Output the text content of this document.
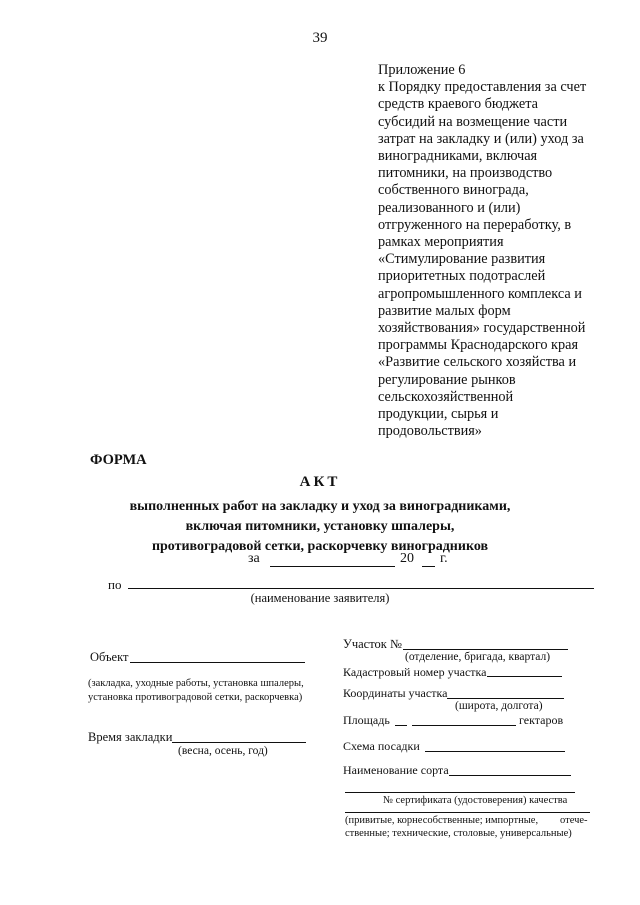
39
Приложение 6
к Порядку предоставления за счет
средств краевого бюджета
субсидий на возмещение части
затрат на закладку и (или) уход за
виноградниками, включая
питомники, на производство
собственного винограда,
реализованного и (или)
отгруженного на переработку, в
рамках мероприятия
«Стимулирование развития
приоритетных подотраслей
агропромышленного комплекса и
развитие малых форм
хозяйствования» государственной
программы Краснодарского края
«Развитие сельского хозяйства и
регулирование рынков
сельскохозяйственной
продукции, сырья и
продовольствия»
ФОРМА
АКТ
выполненных работ на закладку и уход за виноградниками,
включая питомники, установку шпалеры,
противоградовой сетки, раскорчевку виноградников
за	20 г.
по
(наименование заявителя)
Объект
(закладка, уходные работы, установка шпалеры,
установка противоградовой сетки, раскорчевка)
Время закладки
(весна, осень, год)
Участок №
(отделение, бригада, квартал)
Кадастровый номер участка
Координаты участка
(широта, долгота)
Площадь	гектаров
Схема посадки
Наименование сорта
№ сертификата (удостоверения) качества
(привитые, корнесобственные; импортные, отече-
ственные; технические, столовые, универсальные)
